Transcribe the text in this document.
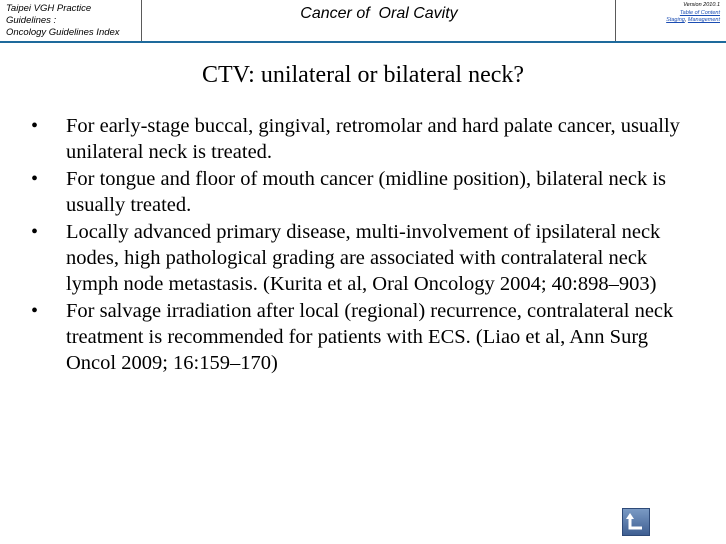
Taipei VGH Practice
Guidelines :
Oncology Guidelines Index
Cancer of  Oral Cavity	Version 2010.1
Table of Content
Staging, Management
CTV: unilateral or bilateral neck?
• For early-stage buccal, gingival, retromolar and hard palate cancer, usually unilateral neck is treated.
• For tongue and floor of mouth cancer (midline position), bilateral neck is usually treated.
• Locally advanced primary disease, multi-involvement of ipsilateral neck nodes, high pathological grading are associated with contralateral neck lymph node metastasis. (Kurita et al, Oral Oncology 2004; 40:898–903)
• For salvage irradiation after local (regional) recurrence, contralateral neck treatment is recommended for patients with ECS. (Liao et al, Ann Surg Oncol 2009; 16:159–170)
